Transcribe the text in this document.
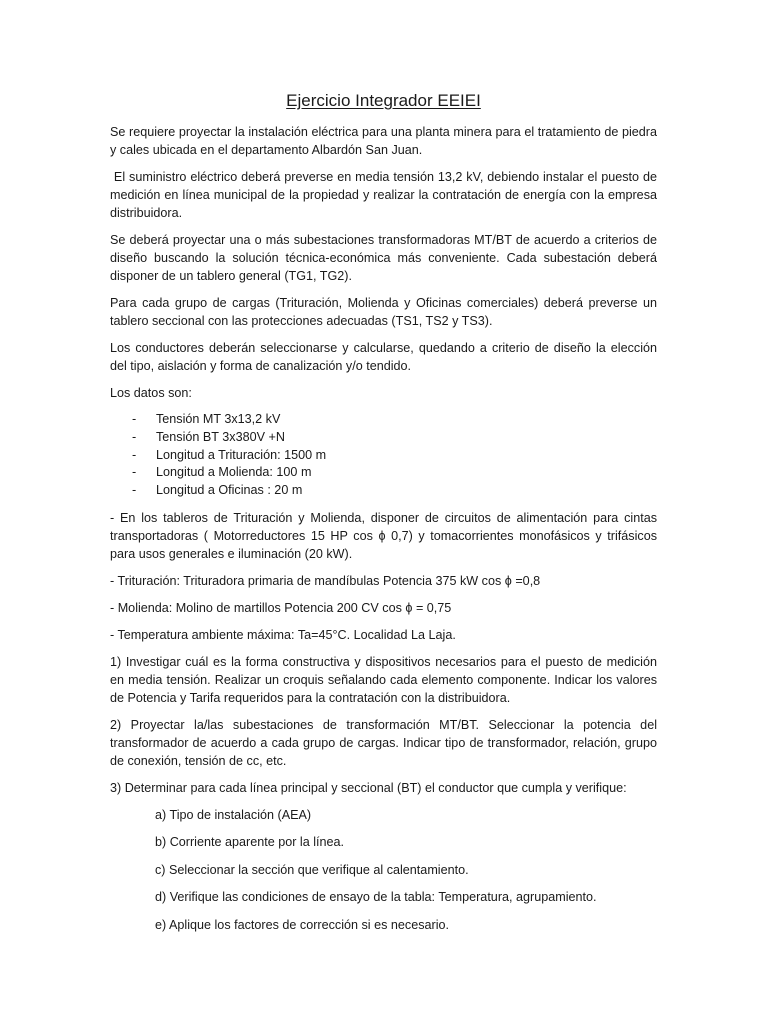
Ejercicio Integrador EEIEI

Se requiere proyectar la instalación eléctrica para una planta minera para el tratamiento de piedra y cales ubicada en el departamento Albardón San Juan.

El suministro eléctrico deberá preverse en media tensión 13,2 kV, debiendo instalar el puesto de medición en línea municipal de la propiedad y realizar la contratación de energía con la empresa distribuidora.

Se deberá proyectar una o más subestaciones transformadoras MT/BT de acuerdo a criterios de diseño buscando la solución técnica-económica más conveniente. Cada subestación deberá disponer de un tablero general (TG1, TG2).

Para cada grupo de cargas (Trituración, Molienda y Oficinas comerciales) deberá preverse un tablero seccional con las protecciones adecuadas (TS1, TS2 y TS3).

Los conductores deberán seleccionarse y calcularse, quedando a criterio de diseño la elección del tipo, aislación y forma de canalización y/o tendido.

Los datos son:

- Tensión MT 3x13,2 kV
- Tensión BT 3x380V +N
- Longitud a Trituración: 1500 m
- Longitud a Molienda: 100 m
- Longitud a Oficinas : 20 m

- En los tableros de Trituración y Molienda, disponer de circuitos de alimentación para cintas transportadoras ( Motorreductores 15 HP cos ϕ 0,7) y tomacorrientes monofásicos y trifásicos para usos generales e iluminación (20 kW).

- Trituración: Trituradora primaria de mandíbulas Potencia 375 kW cos ϕ =0,8

- Molienda: Molino de martillos Potencia 200 CV cos ϕ = 0,75

- Temperatura ambiente máxima: Ta=45°C. Localidad La Laja.

1) Investigar cuál es la forma constructiva y dispositivos necesarios para el puesto de medición en media tensión. Realizar un croquis señalando cada elemento componente. Indicar los valores de Potencia y Tarifa requeridos para la contratación con la distribuidora.

2) Proyectar la/las subestaciones de transformación MT/BT. Seleccionar la potencia del transformador de acuerdo a cada grupo de cargas. Indicar tipo de transformador, relación, grupo de conexión, tensión de cc, etc.

3) Determinar para cada línea principal y seccional (BT) el conductor que cumpla y verifique:

a) Tipo de instalación (AEA)

b) Corriente aparente por la línea.

c) Seleccionar la sección que verifique al calentamiento.

d) Verifique las condiciones de ensayo de la tabla: Temperatura, agrupamiento.

e) Aplique los factores de corrección si es necesario.
